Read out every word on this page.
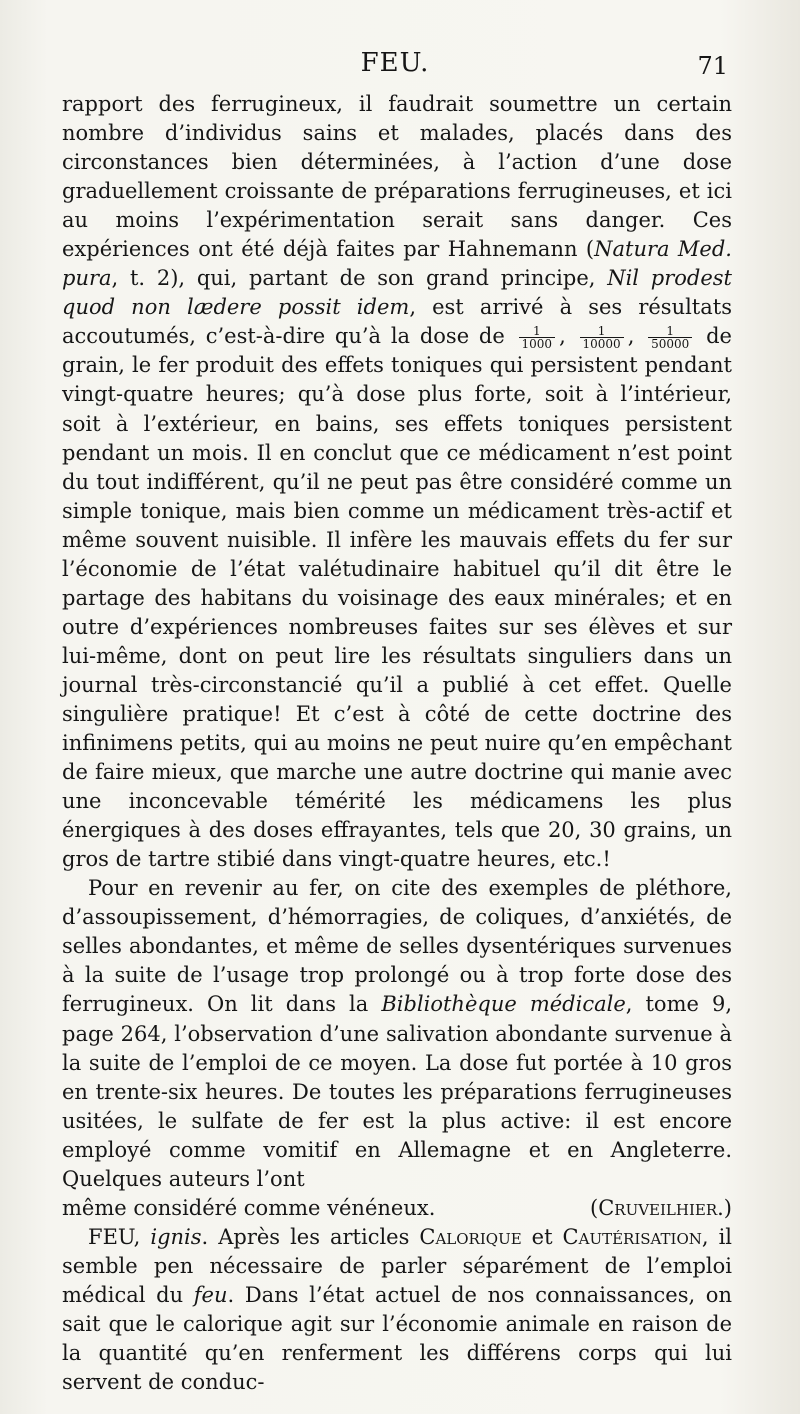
FEU.	71

rapport des ferrugineux, il faudrait soumettre un certain nombre d’individus sains et malades, placés dans des circonstances bien déterminées, à l’action d’une dose graduellement croissante de préparations ferrugineuses, et ici au moins l’expérimentation serait sans danger. Ces expériences ont été déjà faites par Hahnemann (Natura Med. pura, t. 2), qui, partant de son grand principe, Nil prodest quod non lædere possit idem, est arrivé à ses résultats accoutumés, c’est-à-dire qu’à la dose de $\frac{1}{1000}$ , $\frac{1}{10000}$ , $\frac{1}{50000}$ de grain, le fer produit des effets toniques qui persistent pendant vingt-quatre heures; qu’à dose plus forte, soit à l’intérieur, soit à l’extérieur, en bains, ses effets toniques persistent pendant un mois. Il en conclut que ce médicament n’est point du tout indifférent, qu’il ne peut pas être considéré comme un simple tonique, mais bien comme un médicament très-actif et même souvent nuisible. Il infère les mauvais effets du fer sur l’économie de l’état valétudinaire habituel qu’il dit être le partage des habitans du voisinage des eaux minérales; et en outre d’expériences nombreuses faites sur ses élèves et sur lui-même, dont on peut lire les résultats singuliers dans un journal très-circonstancié qu’il a publié à cet effet. Quelle singulière pratique! Et c’est à côté de cette doctrine des infinimens petits, qui au moins ne peut nuire qu’en empêchant de faire mieux, que marche une autre doctrine qui manie avec une inconcevable témérité les médicamens les plus énergiques à des doses effrayantes, tels que 20, 30 grains, un gros de tartre stibié dans vingt-quatre heures, etc.!

Pour en revenir au fer, on cite des exemples de pléthore, d’assoupissement, d’hémorragies, de coliques, d’anxiétés, de selles abondantes, et même de selles dysentériques survenues à la suite de l’usage trop prolongé ou à trop forte dose des ferrugineux. On lit dans la Bibliothèque médicale, tome 9, page 264, l’observation d’une salivation abondante survenue à la suite de l’emploi de ce moyen. La dose fut portée à 10 gros en trente-six heures. De toutes les préparations ferrugineuses usitées, le sulfate de fer est la plus active: il est encore employé comme vomitif en Allemagne et en Angleterre. Quelques auteurs l’ont

même considéré comme vénéneux.	(Cruveilhier.)

FEU, ignis. Après les articles Calorique et Cautérisation, il semble pen nécessaire de parler séparément de l’emploi médical du feu. Dans l’état actuel de nos connaissances, on sait que le calorique agit sur l’économie animale en raison de la quantité qu’en renferment les différens corps qui lui servent de conduc-
